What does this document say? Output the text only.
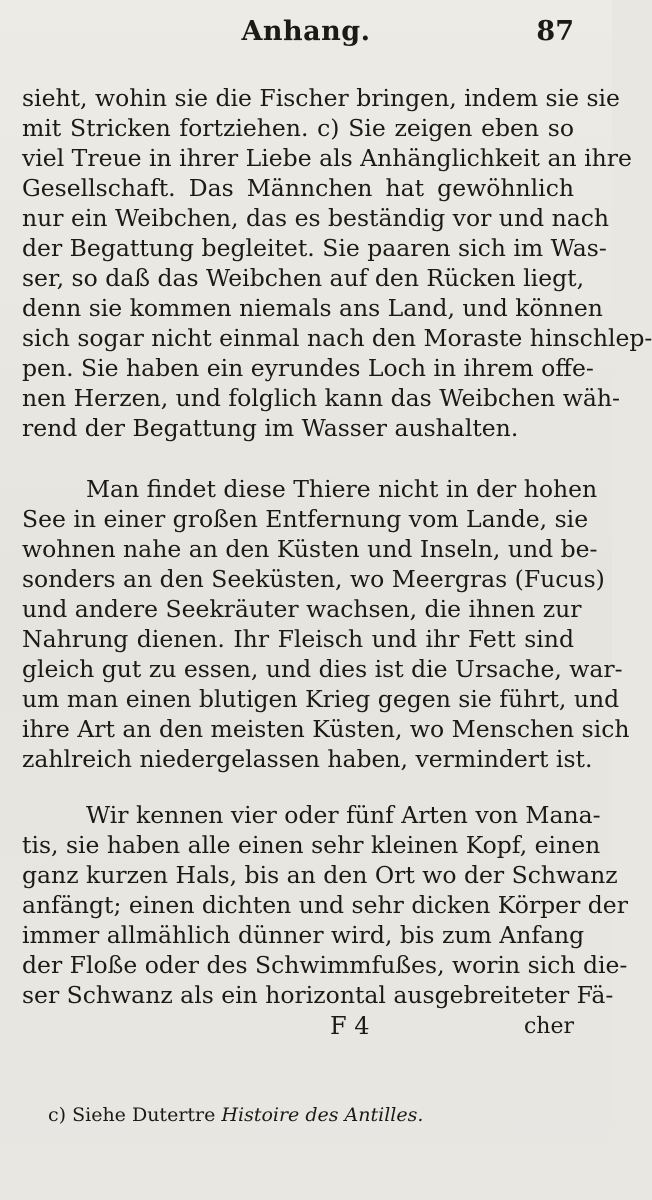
Anhang.	87
sieht, wohin sie die Fischer bringen, indem sie sie
mit Stricken fortziehen. c) Sie zeigen eben so
viel Treue in ihrer Liebe als Anhänglichkeit an ihre
Gesellschaft. Das Männchen hat gewöhnlich
nur ein Weibchen, das es beständig vor und nach
der Begattung begleitet. Sie paaren sich im Was-
ser, so daß das Weibchen auf den Rücken liegt,
denn sie kommen niemals ans Land, und können
sich sogar nicht einmal nach den Moraste hinschlep-
pen. Sie haben ein eyrundes Loch in ihrem offe-
nen Herzen, und folglich kann das Weibchen wäh-
rend der Begattung im Wasser aushalten.
Man findet diese Thiere nicht in der hohen
See in einer großen Entfernung vom Lande, sie
wohnen nahe an den Küsten und Inseln, und be-
sonders an den Seeküsten, wo Meergras (Fucus)
und andere Seekräuter wachsen, die ihnen zur
Nahrung dienen. Ihr Fleisch und ihr Fett sind
gleich gut zu essen, und dies ist die Ursache, war-
um man einen blutigen Krieg gegen sie führt, und
ihre Art an den meisten Küsten, wo Menschen sich
zahlreich niedergelassen haben, vermindert ist.
Wir kennen vier oder fünf Arten von Mana-
tis, sie haben alle einen sehr kleinen Kopf, einen
ganz kurzen Hals, bis an den Ort wo der Schwanz
anfängt; einen dichten und sehr dicken Körper der
immer allmählich dünner wird, bis zum Anfang
der Floße oder des Schwimmfußes, worin sich die-
ser Schwanz als ein horizontal ausgebreiteter Fä-
F 4	cher
c) Siehe Dutertre Histoire des Antilles.
